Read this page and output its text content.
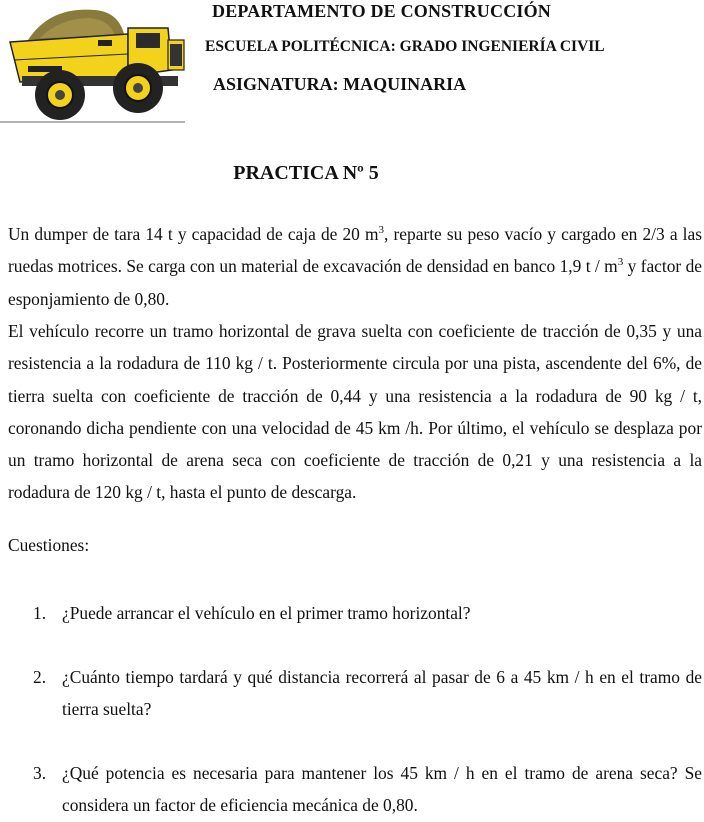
DEPARTAMENTO DE CONSTRUCCIÓN
ESCUELA POLITÉCNICA: GRADO INGENIERÍA CIVIL
ASIGNATURA: MAQUINARIA
PRACTICA Nº 5
Un dumper de tara 14 t y capacidad de caja de 20 $m^3$, reparte su peso vacío y cargado en 2/3 a las ruedas motrices. Se carga con un material de excavación de densidad en banco 1,9 t / $m^3$ y factor de esponjamiento de 0,80.
El vehículo recorre un tramo horizontal de grava suelta con coeficiente de tracción de 0,35 y una resistencia a la rodadura de 110 kg / t. Posteriormente circula por una pista, ascendente del 6%, de tierra suelta con coeficiente de tracción de 0,44 y una resistencia a la rodadura de 90 kg / t, coronando dicha pendiente con una velocidad de 45 km /h. Por último, el vehículo se desplaza por un tramo horizontal de arena seca con coeficiente de tracción de 0,21 y una resistencia a la rodadura de 120 kg / t, hasta el punto de descarga.
Cuestiones:
1. ¿Puede arrancar el vehículo en el primer tramo horizontal?
2. ¿Cuánto tiempo tardará y qué distancia recorrerá al pasar de 6 a 45 km / h en el tramo de tierra suelta?
3. ¿Qué potencia es necesaria para mantener los 45 km / h en el tramo de arena seca? Se considera un factor de eficiencia mecánica de 0,80.
